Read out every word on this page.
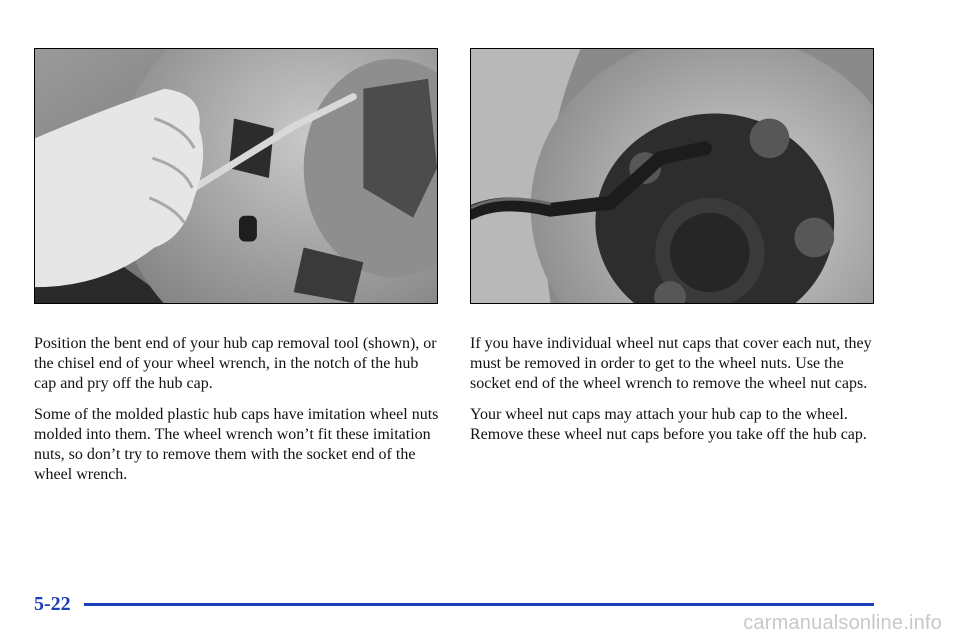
Position the bent end of your hub cap removal tool (shown), or the chisel end of your wheel wrench, in the notch of the hub cap and pry off the hub cap.

Some of the molded plastic hub caps have imitation wheel nuts molded into them. The wheel wrench won’t fit these imitation nuts, so don’t try to remove them with the socket end of the wheel wrench.

If you have individual wheel nut caps that cover each nut, they must be removed in order to get to the wheel nuts. Use the socket end of the wheel wrench to remove the wheel nut caps.

Your wheel nut caps may attach your hub cap to the wheel. Remove these wheel nut caps before you take off the hub cap.

5-22
carmanualsonline.info
